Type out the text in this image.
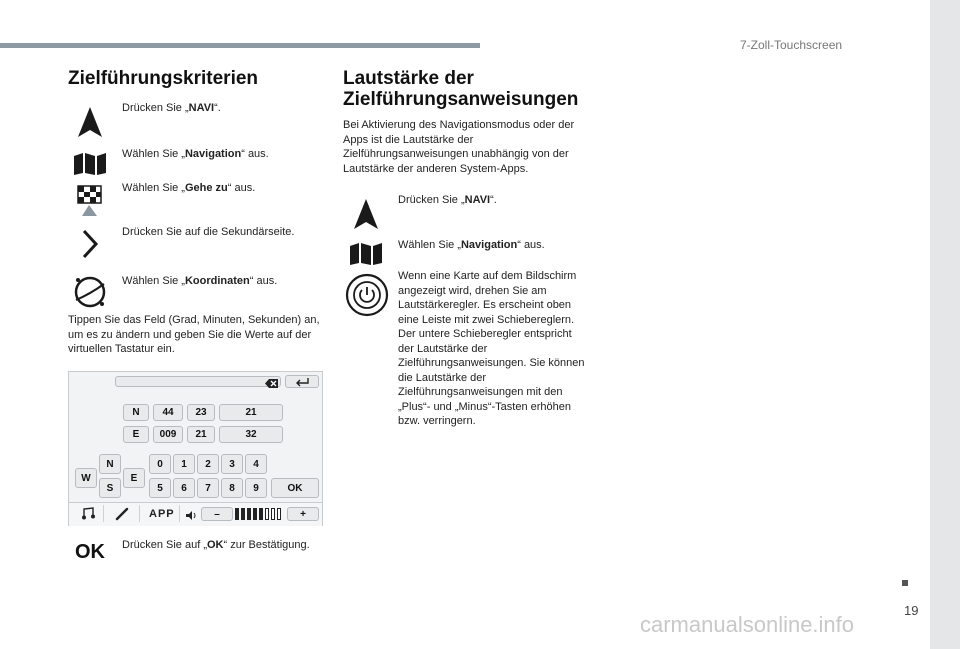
7-Zoll-Touchscreen
Zielführungskriterien
Drücken Sie „NAVI“.
Wählen Sie „Navigation“ aus.
Wählen Sie „Gehe zu“ aus.
Drücken Sie auf die Sekundärseite.
Wählen Sie „Koordinaten“ aus.
Tippen Sie das Feld (Grad, Minuten, Sekunden) an, um es zu ändern und geben Sie die Werte auf der virtuellen Tastatur ein.
N	44	23	21
E	009	21	32
W
N
E
S	OK
APP	–	+
0	1	2	3	4
5	6	7	8	9
OK	Drücken Sie auf „OK“ zur Bestätigung.
Lautstärke der Zielführungsanweisungen
Bei Aktivierung des Navigationsmodus oder der Apps ist die Lautstärke der Zielführungsanweisungen unabhängig von der Lautstärke der anderen System-Apps.
Drücken Sie „NAVI“.
Wählen Sie „Navigation“ aus.
Wenn eine Karte auf dem Bildschirm angezeigt wird, drehen Sie am Lautstärkeregler. Es erscheint oben eine Leiste mit zwei Schiebereglern. Der untere Schieberegler entspricht der Lautstärke der Zielführungsanweisungen. Sie können die Lautstärke der Zielführungsanweisungen mit den „Plus“- und „Minus“-Tasten erhöhen bzw. verringern.
19
carmanualsonline.info
